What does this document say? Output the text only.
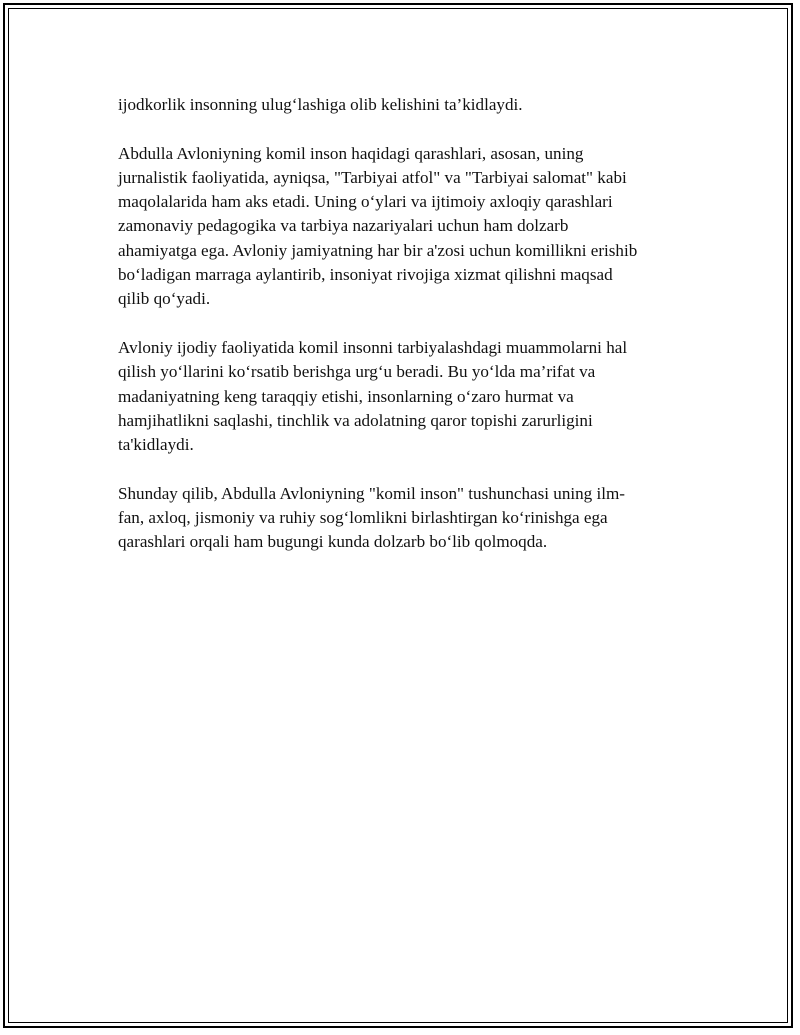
ijodkorlik insonning ulug‘lashiga olib kelishini ta’kidlaydi.

Abdulla Avloniyning komil inson haqidagi qarashlari, asosan, uning
jurnalistik faoliyatida, ayniqsa, "Tarbiyai atfol" va "Tarbiyai salomat" kabi
maqolalarida ham aks etadi. Uning o‘ylari va ijtimoiy axloqiy qarashlari
zamonaviy pedagogika va tarbiya nazariyalari uchun ham dolzarb
ahamiyatga ega. Avloniy jamiyatning har bir a'zosi uchun komillikni erishib
bo‘ladigan marraga aylantirib, insoniyat rivojiga xizmat qilishni maqsad
qilib qo‘yadi.

Avloniy ijodiy faoliyatida komil insonni tarbiyalashdagi muammolarni hal
qilish yo‘llarini ko‘rsatib berishga urg‘u beradi. Bu yo‘lda ma’rifat va
madaniyatning keng taraqqiy etishi, insonlarning o‘zaro hurmat va
hamjihatlikni saqlashi, tinchlik va adolatning qaror topishi zarurligini
ta'kidlaydi.

Shunday qilib, Abdulla Avloniyning "komil inson" tushunchasi uning ilm-
fan, axloq, jismoniy va ruhiy sog‘lomlikni birlashtirgan ko‘rinishga ega
qarashlari orqali ham bugungi kunda dolzarb bo‘lib qolmoqda.
